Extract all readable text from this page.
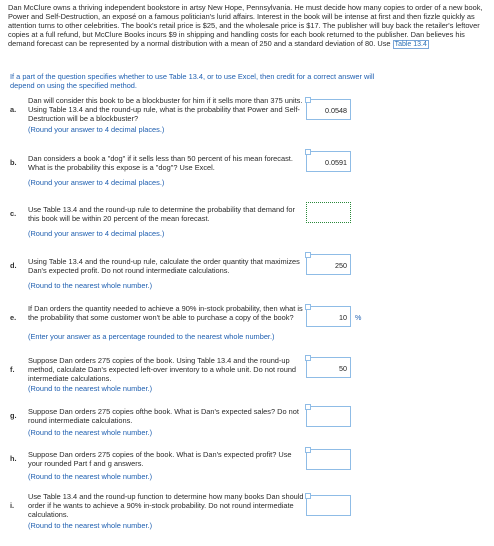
Dan McClure owns a thriving independent bookstore in artsy New Hope, Pennsylvania. He must decide how many copies to order of a new book, Power and Self-Destruction, an exposé on a famous politician's lurid affairs. Interest in the book will be intense at first and then fizzle quickly as attention turns to other celebrities. The book's retail price is $25, and the wholesale price is $17. The publisher will buy back the retailer's leftover copies at a full refund, but McClure Books incurs $9 in shipping and handling costs for each book returned to the publisher. Dan believes his demand forecast can be represented by a normal distribution with a mean of 250 and a standard deviation of 80. Use Table 13.4
If a part of the question specifies whether to use Table 13.4, or to use Excel, then credit for a correct answer will depend on using the specified method.
a.
Dan will consider this book to be a blockbuster for him if it sells more than 375 units. Using Table 13.4 and the round-up rule, what is the probability that Power and Self-Destruction will be a blockbuster?
(Round your answer to 4 decimal places.)
0.0548
b. Dan considers a book a "dog" if it sells less than 50 percent of his mean forecast. What is the probability this expose is a "dog"? Use Excel.
(Round your answer to 4 decimal places.)
0.0591
c. Use Table 13.4 and the round-up rule to determine the probability that demand for this book will be within 20 percent of the mean forecast.
(Round your answer to 4 decimal places.)
d. Using Table 13.4 and the round-up rule, calculate the order quantity that maximizes Dan's expected profit. Do not round intermediate calculations.
(Round to the nearest whole number.)
250
e.
If Dan orders the quantity needed to achieve a 90% in-stock probability, then what is the probability that some customer won't be able to purchase a copy of the book?
(Enter your answer as a percentage rounded to the nearest whole number.)
10 %
f.
Suppose Dan orders 275 copies of the book. Using Table 13.4 and the round-up method, calculate Dan's expected left-over inventory to a whole unit. Do not round intermediate calculations.
(Round to the nearest whole number.)
50
g. Suppose Dan orders 275 copies ofthe book. What is Dan's expected sales? Do not round intermediate calculations.
(Round to the nearest whole number.)
h. Suppose Dan orders 275 copies of the book. What is Dan's expected profit? Use your rounded Part f and g answers.
(Round to the nearest whole number.)
i.
Use Table 13.4 and the round-up function to determine how many books Dan should order if he wants to achieve a 90% in-stock probability. Do not round intermediate calculations.
(Round to the nearest whole number.)
